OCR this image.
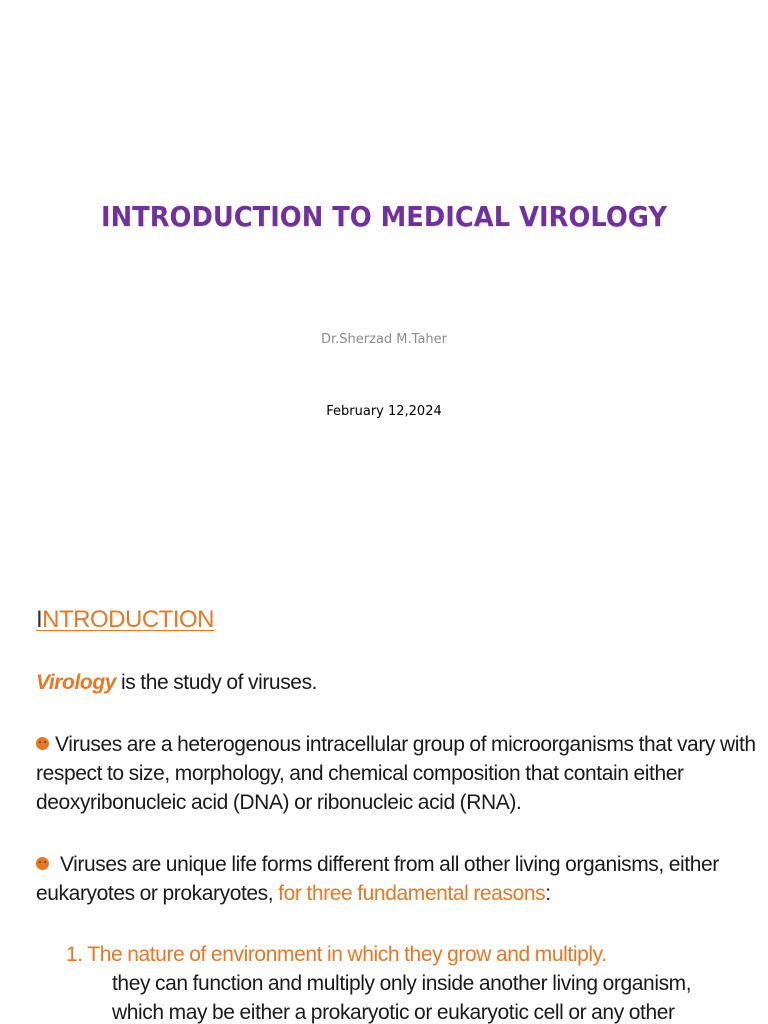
INTRODUCTION TO MEDICAL VIROLOGY
Dr.Sherzad M.Taher
February 12,2024
INTRODUCTION
Virology is the study of viruses.
Viruses are a heterogenous intracellular group of microorganisms that vary with respect to size, morphology, and chemical composition that contain either deoxyribonucleic acid (DNA) or ribonucleic acid (RNA).
Viruses are unique life forms different from all other living organisms, either eukaryotes or prokaryotes, for three fundamental reasons:
1. The nature of environment in which they grow and multiply.
they can function and multiply only inside another living organism,
which may be either a prokaryotic or eukaryotic cell or any other
